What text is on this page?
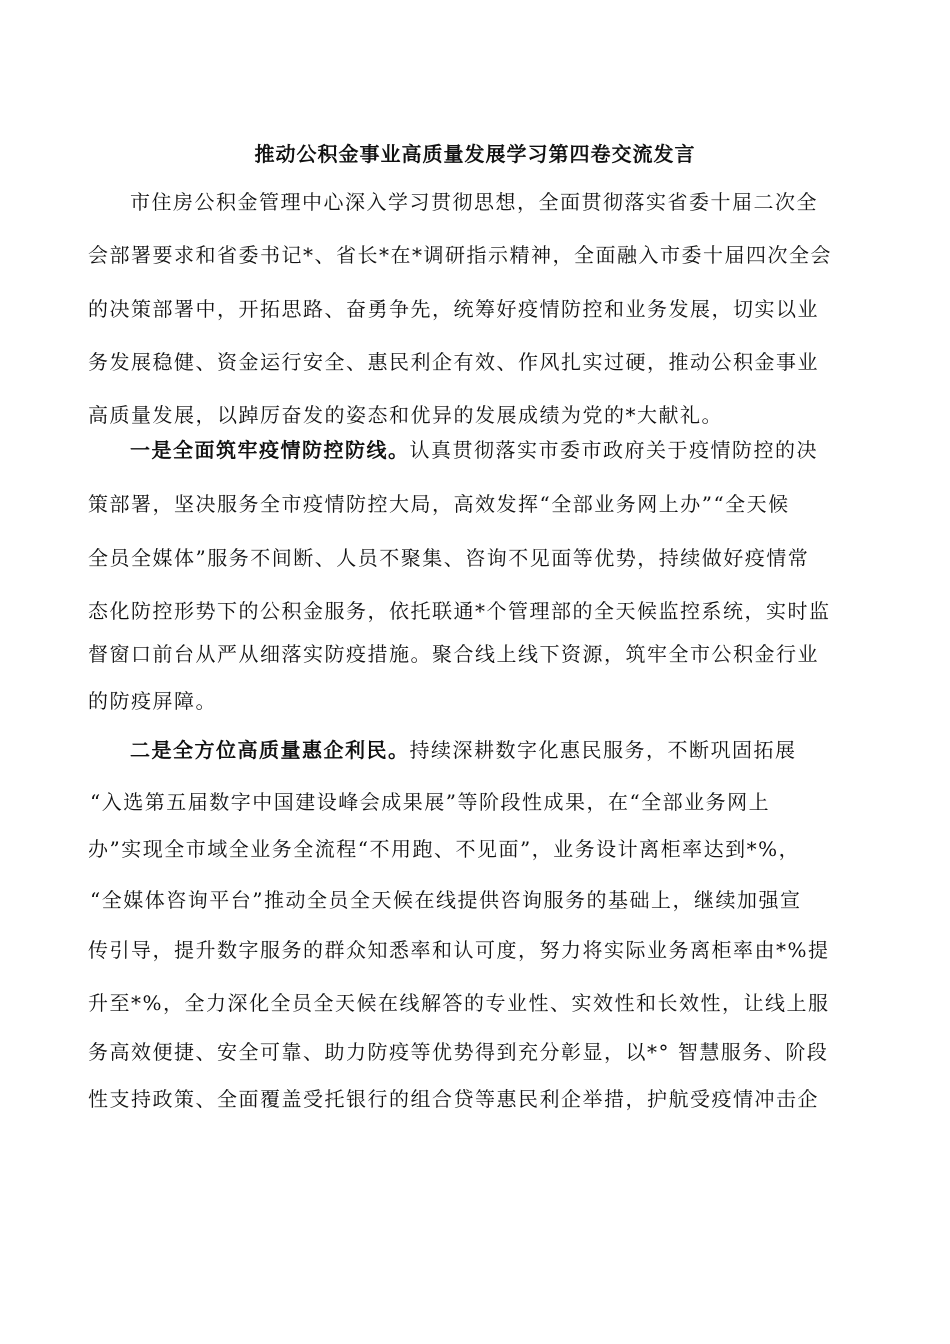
推动公积金事业高质量发展学习第四卷交流发言
市住房公积金管理中心深入学习贯彻思想，全面贯彻落实省委十届二次全
会部署要求和省委书记*、省长*在*调研指示精神，全面融入市委十届四次全会
的决策部署中，开拓思路、奋勇争先，统筹好疫情防控和业务发展，切实以业
务发展稳健、资金运行安全、惠民利企有效、作风扎实过硬，推动公积金事业
高质量发展，以踔厉奋发的姿态和优异的发展成绩为党的*大献礼。
一是全面筑牢疫情防控防线。认真贯彻落实市委市政府关于疫情防控的决
策部署，坚决服务全市疫情防控大局，高效发挥“全部业务网上办”“全天候
全员全媒体”服务不间断、人员不聚集、咨询不见面等优势，持续做好疫情常
态化防控形势下的公积金服务，依托联通*个管理部的全天候监控系统，实时监
督窗口前台从严从细落实防疫措施。聚合线上线下资源，筑牢全市公积金行业
的防疫屏障。
二是全方位高质量惠企利民。持续深耕数字化惠民服务，不断巩固拓展
“入选第五届数字中国建设峰会成果展”等阶段性成果，在“全部业务网上
办”实现全市域全业务全流程“不用跑、不见面”，业务设计离柜率达到*%，
“全媒体咨询平台”推动全员全天候在线提供咨询服务的基础上，继续加强宣
传引导，提升数字服务的群众知悉率和认可度，努力将实际业务离柜率由*%提
升至*%，全力深化全员全天候在线解答的专业性、实效性和长效性，让线上服
务高效便捷、安全可靠、助力防疫等优势得到充分彰显，以*° 智慧服务、阶段
性支持政策、全面覆盖受托银行的组合贷等惠民利企举措，护航受疫情冲击企
